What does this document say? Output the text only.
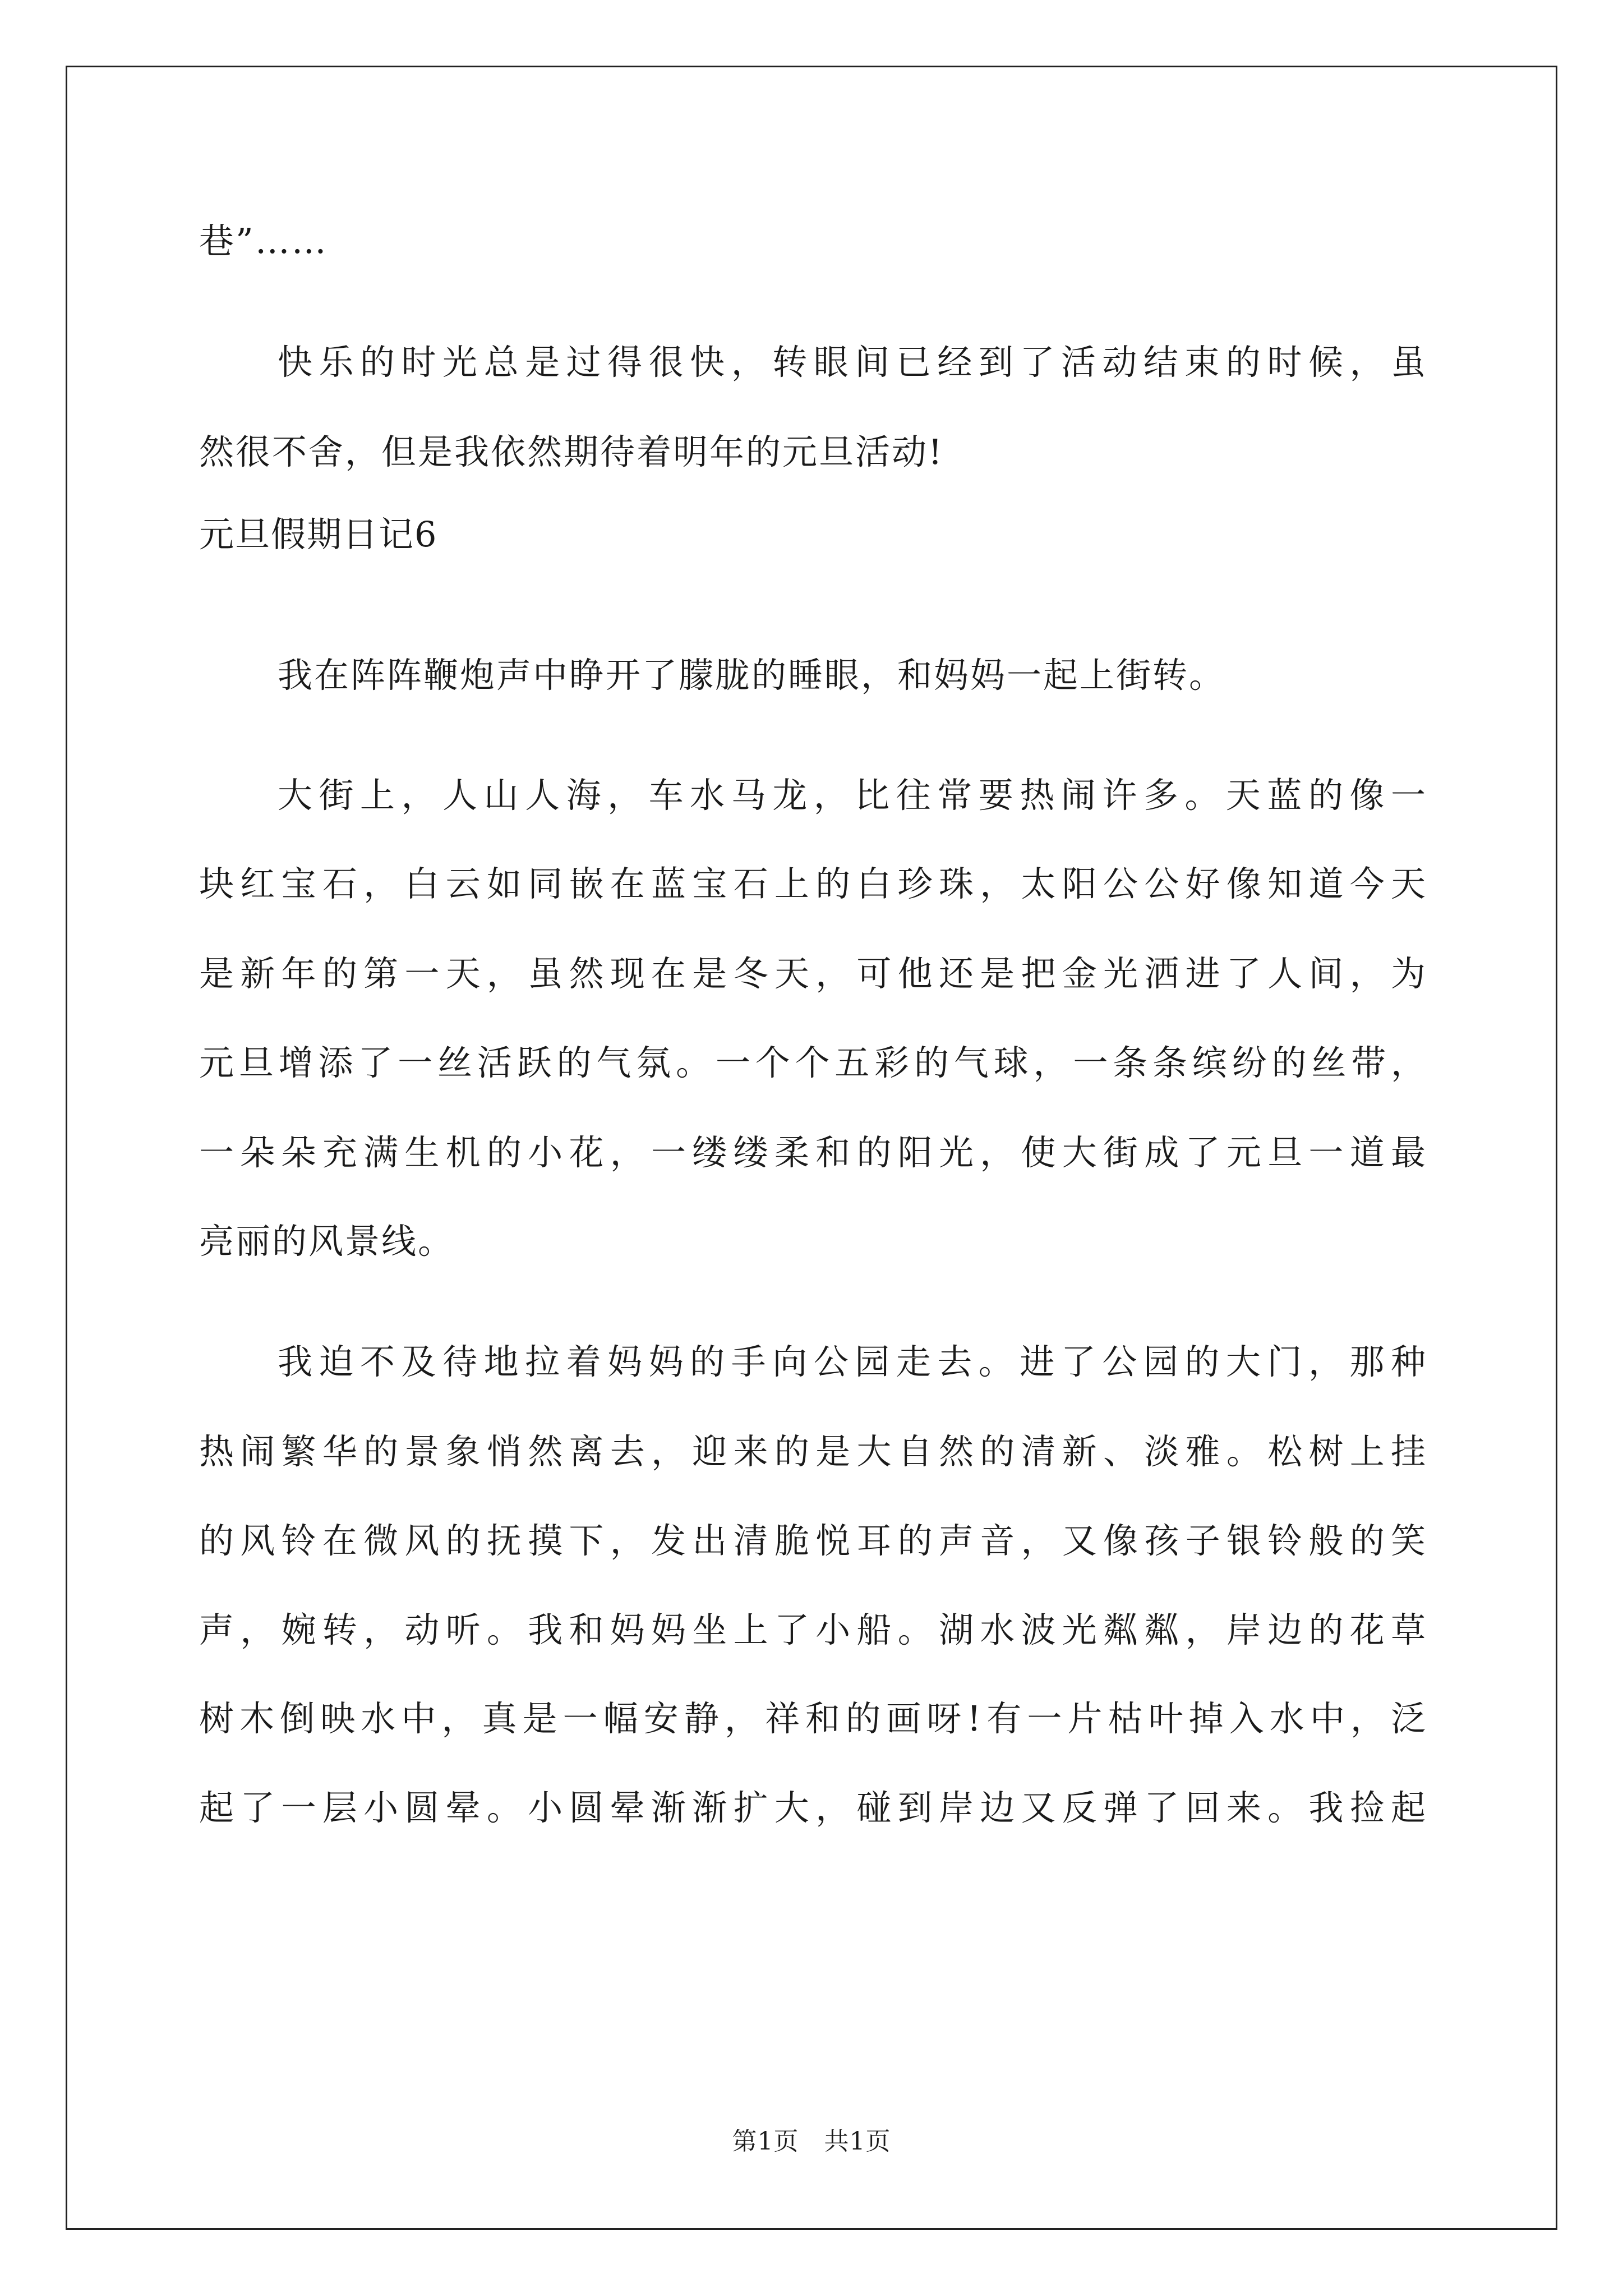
巷”……
快乐的时光总是过得很快，转眼间已经到了活动结束的时候，虽
然很不舍，但是我依然期待着明年的元旦活动!
元旦假期日记6
我在阵阵鞭炮声中睁开了朦胧的睡眼，和妈妈一起上街转。
大街上，人山人海，车水马龙，比往常要热闹许多。天蓝的像一
块红宝石，白云如同嵌在蓝宝石上的白珍珠，太阳公公好像知道今天
是新年的第一天，虽然现在是冬天，可他还是把金光洒进了人间，为
元旦增添了一丝活跃的气氛。一个个五彩的气球，一条条缤纷的丝带，
一朵朵充满生机的小花，一缕缕柔和的阳光，使大街成了元旦一道最
亮丽的风景线。
我迫不及待地拉着妈妈的手向公园走去。进了公园的大门，那种
热闹繁华的景象悄然离去，迎来的是大自然的清新、淡雅。松树上挂
的风铃在微风的抚摸下，发出清脆悦耳的声音，又像孩子银铃般的笑
声，婉转，动听。我和妈妈坐上了小船。湖水波光粼粼，岸边的花草
树木倒映水中，真是一幅安静，祥和的画呀!有一片枯叶掉入水中，泛
起了一层小圆晕。小圆晕渐渐扩大，碰到岸边又反弹了回来。我捡起
第1页   共1页
